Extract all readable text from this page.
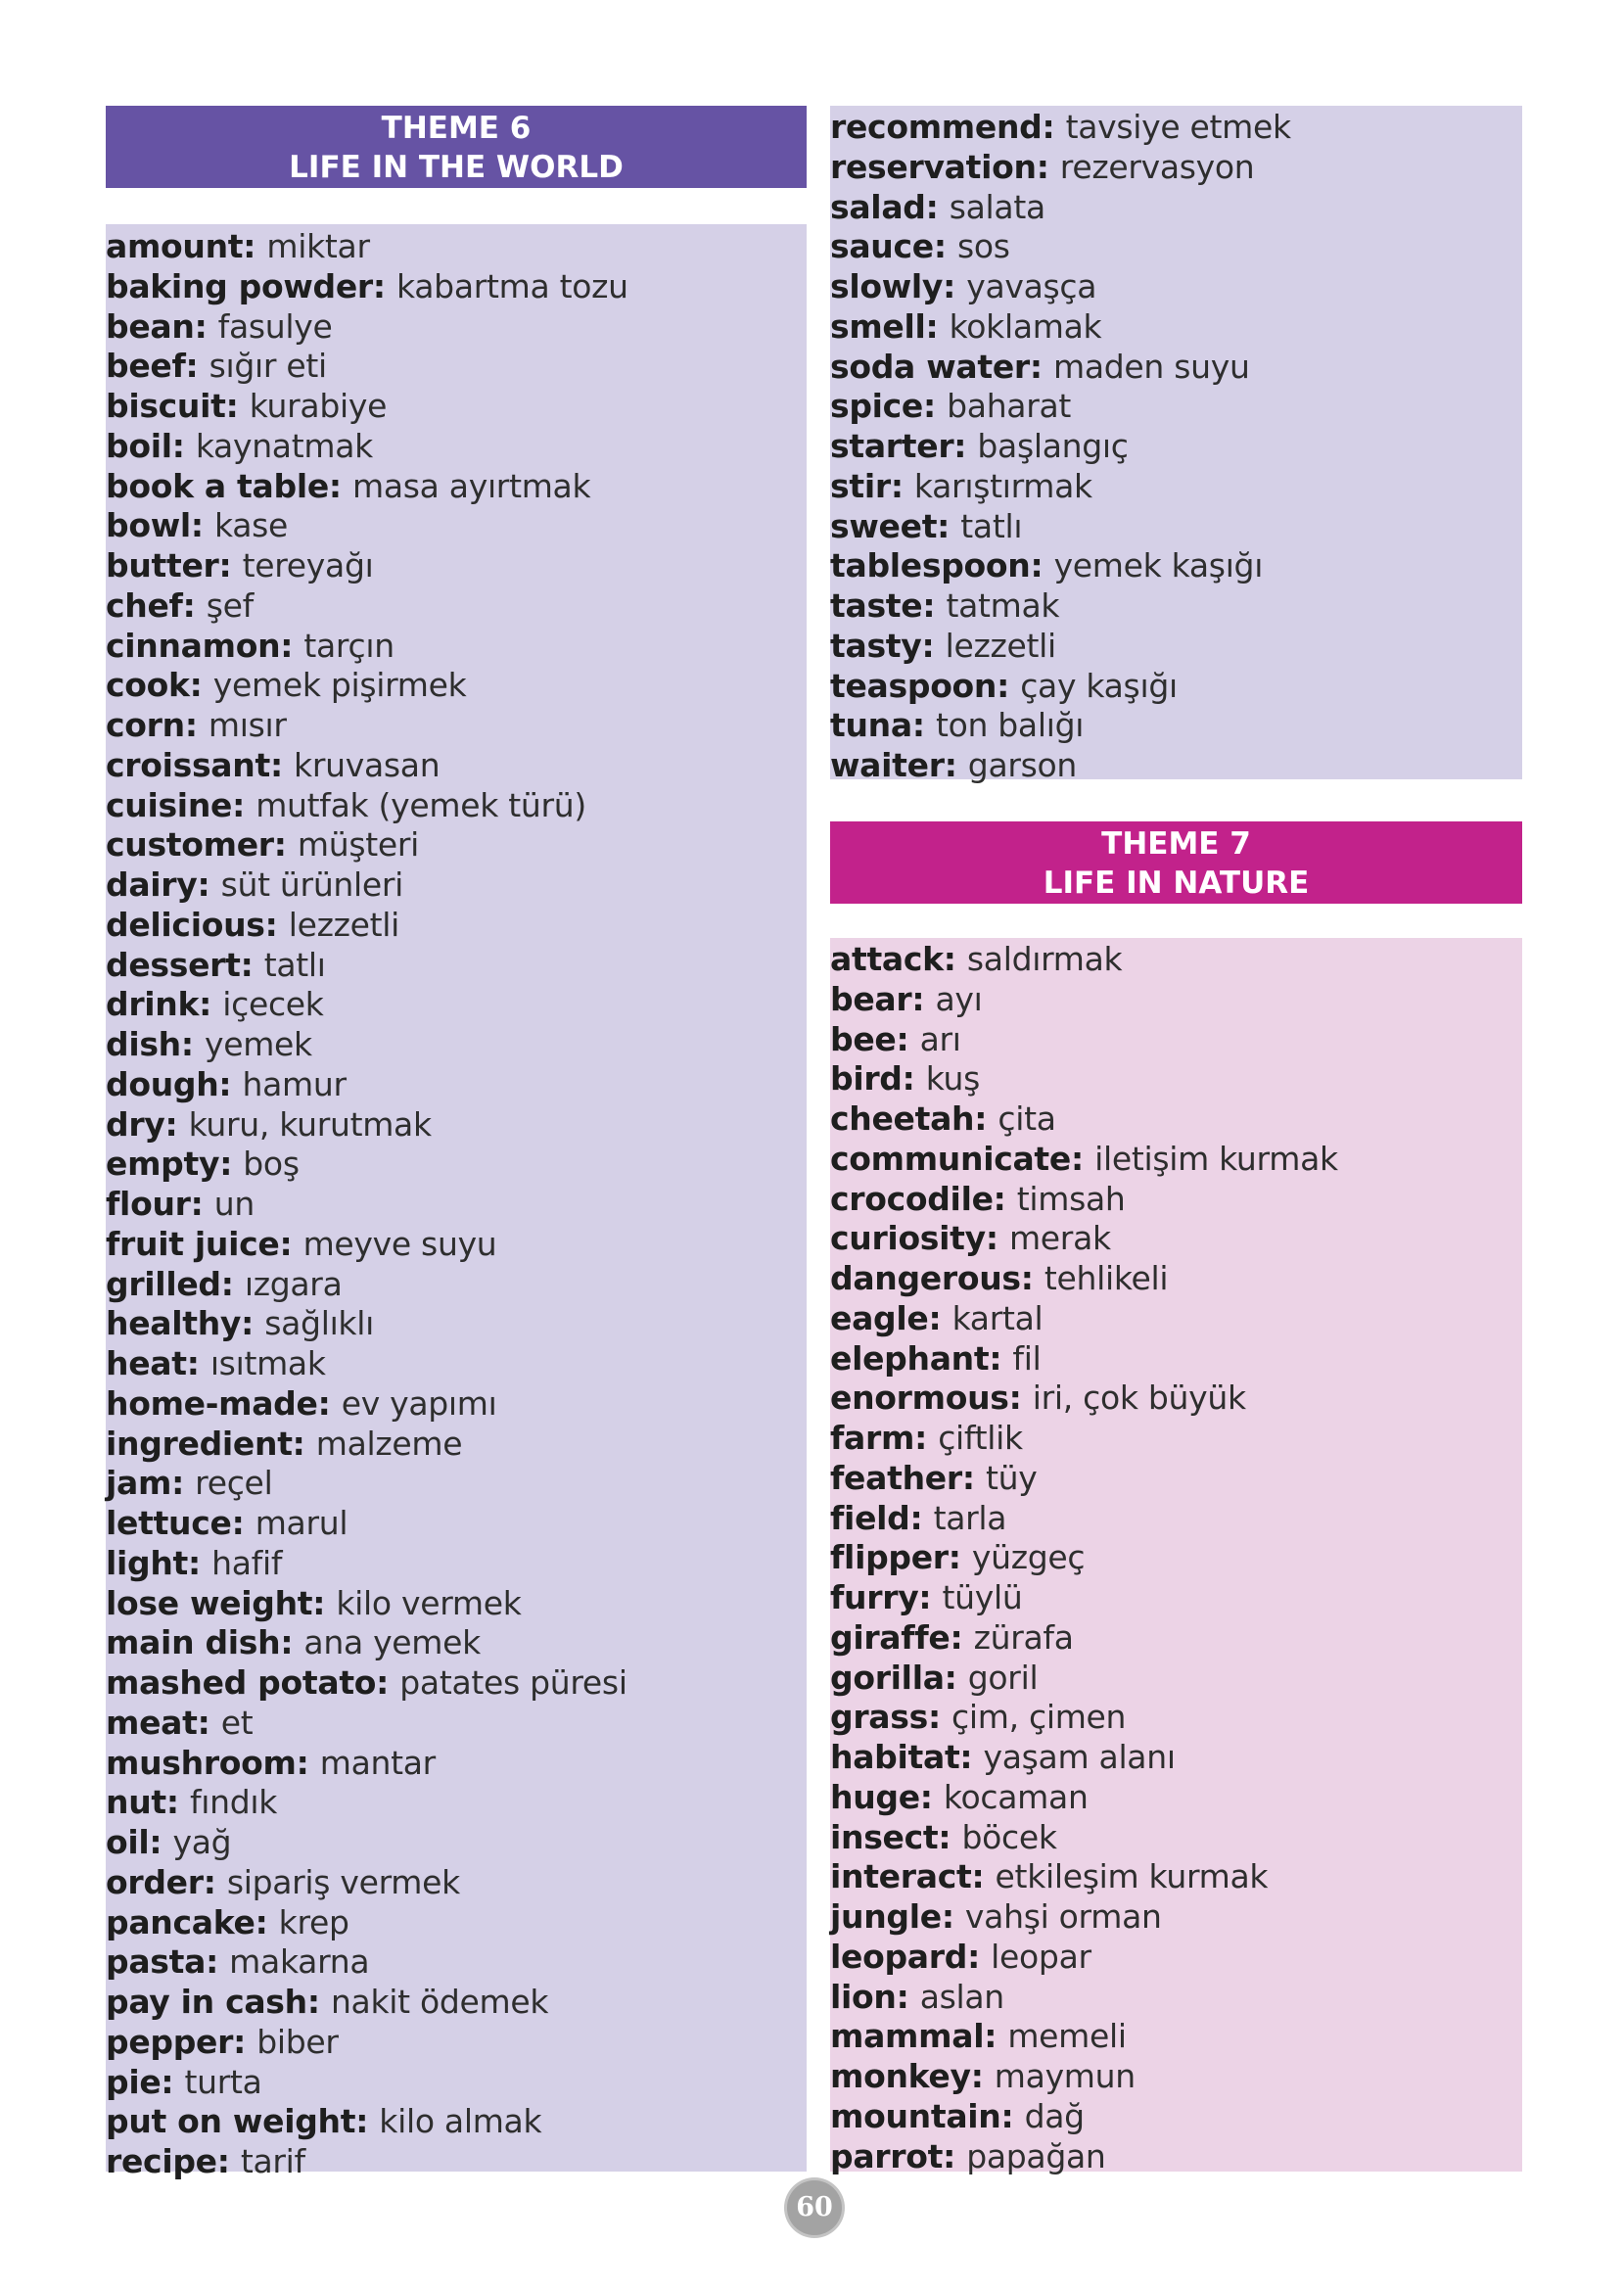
THEME 6
LIFE IN THE WORLD
amount: miktar
baking powder: kabartma tozu
bean: fasulye
beef: sığır eti
biscuit: kurabiye
boil: kaynatmak
book a table: masa ayırtmak
bowl: kase
butter: tereyağı
chef: şef
cinnamon: tarçın
cook: yemek pişirmek
corn: mısır
croissant: kruvasan
cuisine: mutfak (yemek türü)
customer: müşteri
dairy: süt ürünleri
delicious: lezzetli
dessert: tatlı
drink: içecek
dish: yemek
dough: hamur
dry: kuru, kurutmak
empty: boş
flour: un
fruit juice: meyve suyu
grilled: ızgara
healthy: sağlıklı
heat: ısıtmak
home-made: ev yapımı
ingredient: malzeme
jam: reçel
lettuce: marul
light: hafif
lose weight: kilo vermek
main dish: ana yemek
mashed potato: patates püresi
meat: et
mushroom: mantar
nut: fındık
oil: yağ
order: sipariş vermek
pancake: krep
pasta: makarna
pay in cash: nakit ödemek
pepper: biber
pie: turta
put on weight: kilo almak
recipe: tarif
recommend: tavsiye etmek
reservation: rezervasyon
salad: salata
sauce: sos
slowly: yavaşça
smell: koklamak
soda water: maden suyu
spice: baharat
starter: başlangıç
stir: karıştırmak
sweet: tatlı
tablespoon: yemek kaşığı
taste: tatmak
tasty: lezzetli
teaspoon: çay kaşığı
tuna: ton balığı
waiter: garson
THEME 7
LIFE IN NATURE
attack: saldırmak
bear: ayı
bee: arı
bird: kuş
cheetah: çita
communicate: iletişim kurmak
crocodile: timsah
curiosity: merak
dangerous: tehlikeli
eagle: kartal
elephant: fil
enormous: iri, çok büyük
farm: çiftlik
feather: tüy
field: tarla
flipper: yüzgeç
furry: tüylü
giraffe: zürafa
gorilla: goril
grass: çim, çimen
habitat: yaşam alanı
huge: kocaman
insect: böcek
interact: etkileşim kurmak
jungle: vahşi orman
leopard: leopar
lion: aslan
mammal: memeli
monkey: maymun
mountain: dağ
parrot: papağan
60
